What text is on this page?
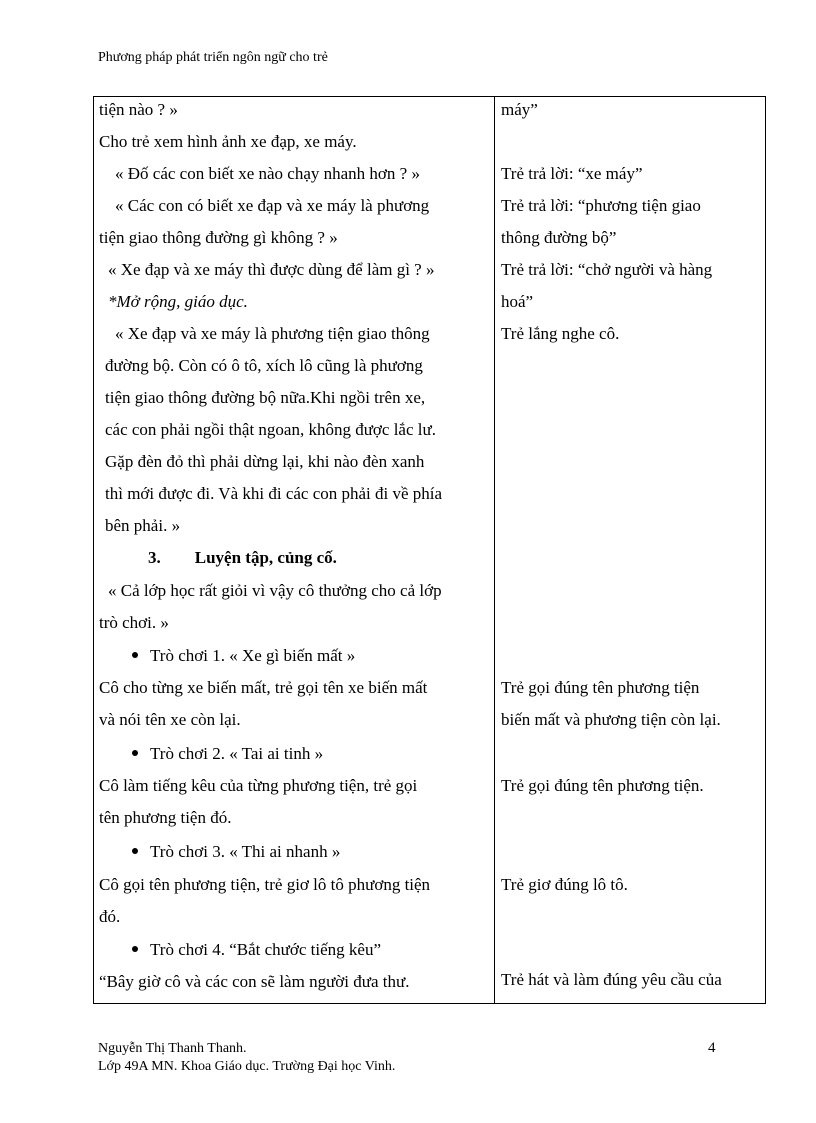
Phương pháp phát triển ngôn ngữ cho trẻ
tiện nào ? »
Cho trẻ xem hình ảnh xe đạp, xe máy.
« Đố các con biết xe nào chạy nhanh hơn ? »
« Các con có biết xe đạp và xe máy là phương
tiện giao thông đường gì không ? »
« Xe đạp và xe máy thì được dùng để làm gì ? »
*Mở rộng, giáo dục.
« Xe đạp và xe máy là phương tiện giao thông
đường bộ. Còn có ô tô, xích lô cũng là phương
tiện giao thông đường bộ nữa.Khi ngồi trên xe,
các con phải ngồi thật ngoan, không được lắc lư.
Gặp đèn đỏ thì phải dừng lại, khi nào đèn xanh
thì mới được đi. Và khi đi các con phải đi về phía
bên phải. »
3. Luyện tập, củng cố.
« Cả lớp học rất giỏi vì vậy cô thưởng cho cả lớp
trò chơi. »
Trò chơi 1. « Xe gì biến mất »
Cô cho từng xe biến mất, trẻ gọi tên xe biến mất
và nói tên xe còn lại.
Trò chơi 2. « Tai ai tinh »
Cô làm tiếng kêu của từng phương tiện, trẻ gọi
tên phương tiện đó.
Trò chơi 3. « Thi ai nhanh »
Cô gọi tên phương tiện, trẻ giơ lô tô phương tiện
đó.
Trò chơi 4. “Bắt chước tiếng kêu”
“Bây giờ cô và các con sẽ làm người đưa thư.
máy”
Trẻ trả lời: “xe máy”
Trẻ trả lời: “phương tiện giao
thông đường bộ”
Trẻ trả lời: “chở người và hàng
hoá”
Trẻ lắng nghe cô.
Trẻ gọi đúng tên phương tiện
biến mất và phương tiện còn lại.
Trẻ gọi đúng tên phương tiện.
Trẻ giơ đúng lô tô.
Trẻ hát và làm đúng yêu cầu của
Nguyễn Thị Thanh Thanh.
Lớp 49A MN. Khoa Giáo dục. Trường Đại học Vinh.
4
